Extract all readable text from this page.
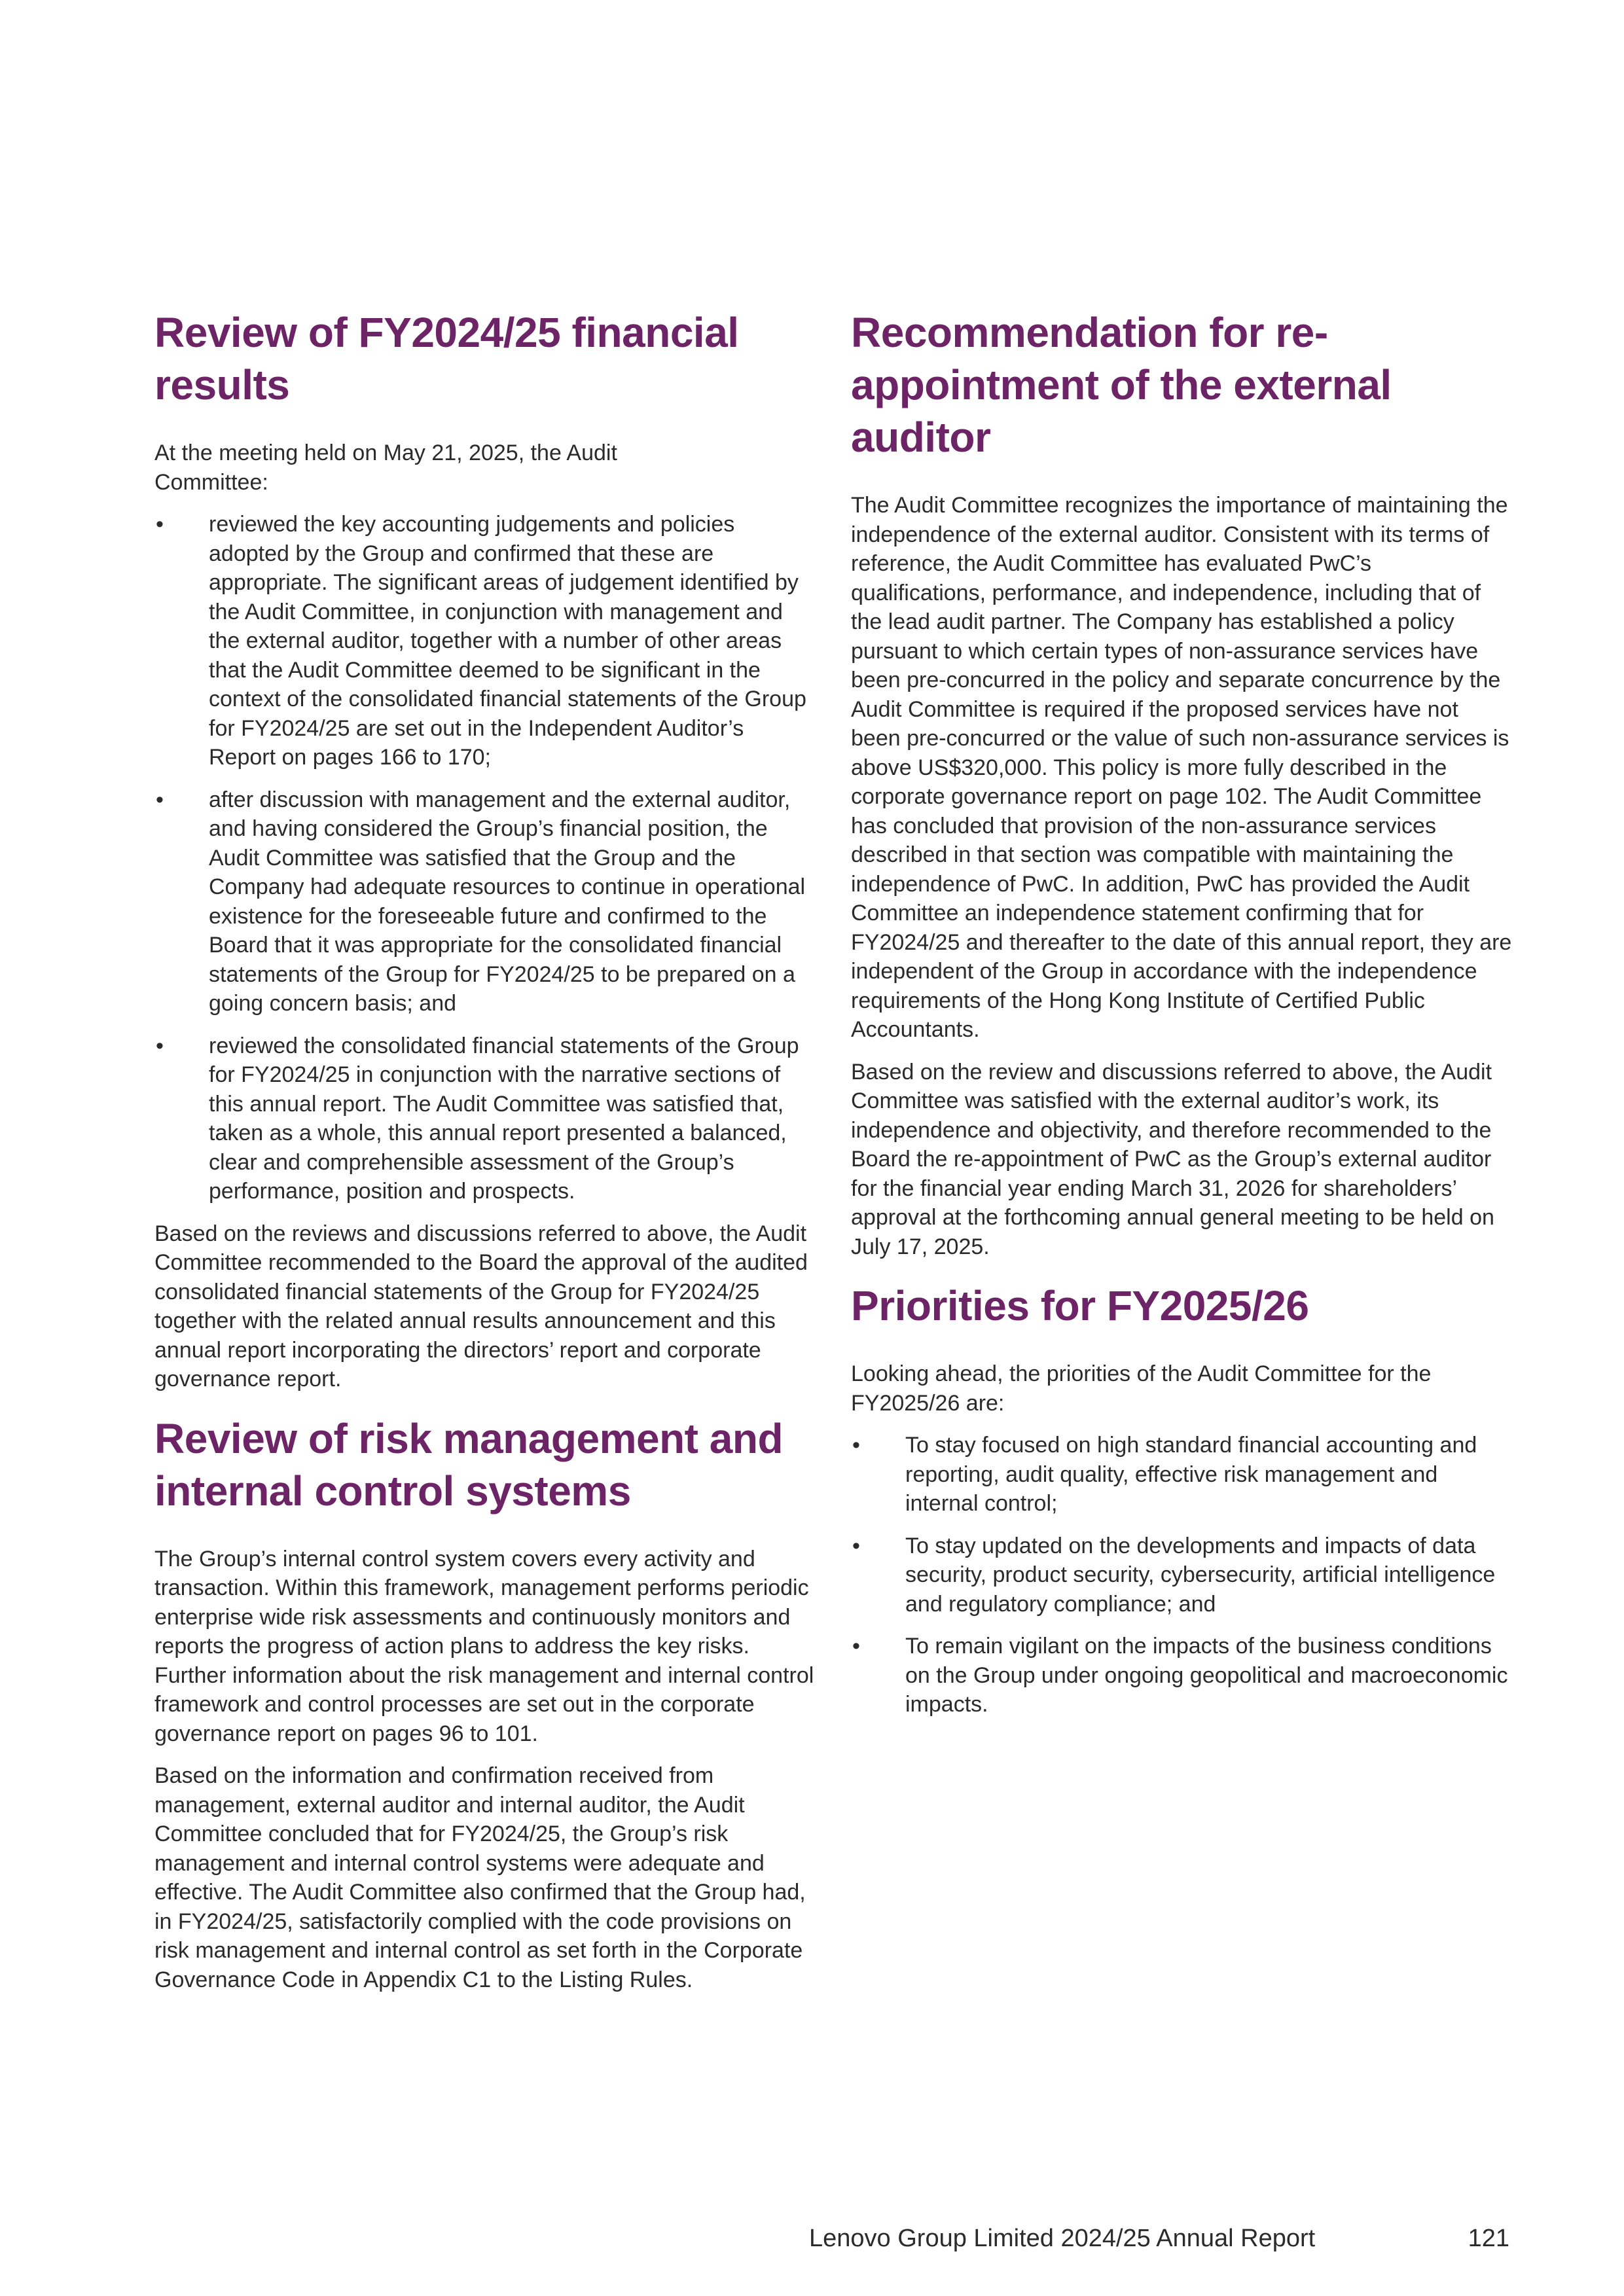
Review of FY2024/25 financial results

At the meeting held on May 21, 2025, the Audit Committee:

•	reviewed the key accounting judgements and policies adopted by the Group and confirmed that these are appropriate. The significant areas of judgement identified by the Audit Committee, in conjunction with management and the external auditor, together with a number of other areas that the Audit Committee deemed to be significant in the context of the consolidated financial statements of the Group for FY2024/25 are set out in the Independent Auditor’s Report on pages 166 to 170;
•	after discussion with management and the external auditor, and having considered the Group’s financial position, the Audit Committee was satisfied that the Group and the Company had adequate resources to continue in operational existence for the foreseeable future and confirmed to the Board that it was appropriate for the consolidated financial statements of the Group for FY2024/25 to be prepared on a going concern basis; and
•	reviewed the consolidated financial statements of the Group for FY2024/25 in conjunction with the narrative sections of this annual report. The Audit Committee was satisfied that, taken as a whole, this annual report presented a balanced, clear and comprehensible assessment of the Group’s performance, position and prospects.

Based on the reviews and discussions referred to above, the Audit Committee recommended to the Board the approval of the audited consolidated financial statements of the Group for FY2024/25 together with the related annual results announcement and this annual report incorporating the directors’ report and corporate governance report.

Review of risk management and internal control systems

The Group’s internal control system covers every activity and transaction. Within this framework, management performs periodic enterprise wide risk assessments and continuously monitors and reports the progress of action plans to address the key risks. Further information about the risk management and internal control framework and control processes are set out in the corporate governance report on pages 96 to 101.

Based on the information and confirmation received from management, external auditor and internal auditor, the Audit Committee concluded that for FY2024/25, the Group’s risk management and internal control systems were adequate and effective. The Audit Committee also confirmed that the Group had, in FY2024/25, satisfactorily complied with the code provisions on risk management and internal control as set forth in the Corporate Governance Code in Appendix C1 to the Listing Rules.

Recommendation for re-appointment of the external auditor

The Audit Committee recognizes the importance of maintaining the independence of the external auditor. Consistent with its terms of reference, the Audit Committee has evaluated PwC’s qualifications, performance, and independence, including that of the lead audit partner. The Company has established a policy pursuant to which certain types of non-assurance services have been pre-concurred in the policy and separate concurrence by the Audit Committee is required if the proposed services have not been pre-concurred or the value of such non-assurance services is above US$320,000. This policy is more fully described in the corporate governance report on page 102. The Audit Committee has concluded that provision of the non-assurance services described in that section was compatible with maintaining the independence of PwC. In addition, PwC has provided the Audit Committee an independence statement confirming that for FY2024/25 and thereafter to the date of this annual report, they are independent of the Group in accordance with the independence requirements of the Hong Kong Institute of Certified Public Accountants.

Based on the review and discussions referred to above, the Audit Committee was satisfied with the external auditor’s work, its independence and objectivity, and therefore recommended to the Board the re-appointment of PwC as the Group’s external auditor for the financial year ending March 31, 2026 for shareholders’ approval at the forthcoming annual general meeting to be held on July 17, 2025.

Priorities for FY2025/26

Looking ahead, the priorities of the Audit Committee for the FY2025/26 are:

•	To stay focused on high standard financial accounting and reporting, audit quality, effective risk management and internal control;
•	To stay updated on the developments and impacts of data security, product security, cybersecurity, artificial intelligence and regulatory compliance; and
•	To remain vigilant on the impacts of the business conditions on the Group under ongoing geopolitical and macroeconomic impacts.
Lenovo Group Limited 2024/25 Annual Report	121
